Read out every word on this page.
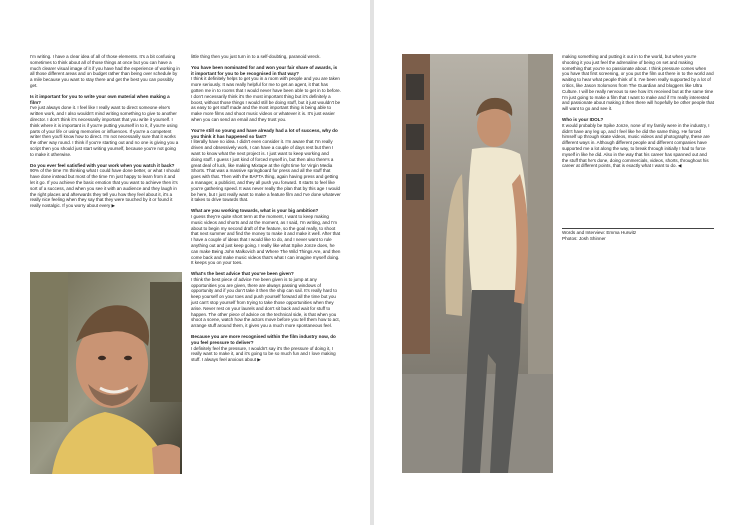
I'm writing. I have a clear idea of all of those elements. It's a bit confusing sometimes to think about all of those things at once but you can have a much clearer visual image of it if you have had the experience of working in all those different areas and on budget rather than being over schedule by a mile because you want to stay there and get the best you can possibly get.

Is it important for you to write your own material when making a film?

I've just always done it. I feel like I really want to direct someone else's written work, and I also wouldn't mind writing something to give to another director. I don't think it's necessarily important that you write it yourself. I think where it is important is if you're putting yourself in to it, if you're using parts of your life or using memories or influences. If you're a competent writer then you'll know how to direct. I'm not necessarily sure that it works the other way round. I think if you're starting out and no one is giving you a script then you should just start writing yourself, because you're not going to make it otherwise.

Do you ever feel satisfied with your work when you watch it back?

90% of the time I'm thinking what I could have done better, or what I should have done instead but most of the time I'm just happy to learn from it and let it go. If you achieve the basic emotion that you want to achieve then it's sort of a success, and when you see it with an audience and they laugh in the right places and afterwards they tell you how they feel about it, it's a really nice feeling when they say that they were touched by it or found it really nostalgic. If you worry about every ▶

little thing then you just turn in to a self-doubting, paranoid wreck.

You have been nominated for and won your fair share of awards, is it important for you to be recognised in that way?

I think it definitely helps to get you in a room with people and you are taken more seriously. It was really helpful for me to get an agent, it that has gotten me in to rooms that I would never have been able to get in to before. I don't necessarily think it's the most important thing but it's definitely a boost, without those things I would still be doing stuff, but it just wouldn't be as easy to get stuff made and the most important thing is being able to make more films and shoot music videos or whatever it is. It's just easier when you can send an email and they trust you.

You're still so young and have already had a lot of success, why do you think it has happened so fast?

I literally have no idea. I didn't even consider it. I'm aware that I'm really driven and obsessively work, I can have a couple of days rest but then I want to know what the next project is. I just want to keep working and doing stuff. I guess I just kind of forced myself in, but then also there's a great deal of luck, like making Mixtape at the right time for Virgin Media Shorts. That was a massive springboard for press and all the stuff that goes with that. Then with the BAFTA thing, again having press and getting a manager, a publicist, and they all push you forward. It starts to feel like you're gathering speed. It was never really the plan that by this age I would be here, but I just really want to make a feature film and I've done whatever it takes to drive towards that.

What are you working towards, what is your big ambition?

I guess they're quite short term at the moment, I want to keep making music videos and shorts and at the moment, as I said, I'm writing, and I'm about to begin my second draft of the feature, so the goal really, to shoot that next summer and find the money to make it and make it well. After that I have a couple of ideas that I would like to do, and I never want to rule anything out and just keep going. I really like what Spike Jonze does, he can make Being John Malkovich and Where The Wild Things Are, and then come back and make music videos that's what I can imagine myself doing. It keeps you on your toes.

What's the best advice that you've been given?

I think the best piece of advice I've been given is to jump at any opportunities you are given, there are always passing windows of opportunity and if you don't take it then the ship can sail. It's really hard to keep yourself on your toes and push yourself forward all the time but you just can't stop yourself from trying to take those opportunities when they arise. Never rest on your laurels and don't sit back and wait for stuff to happen. The other piece of advice on the technical side, is that when you shoot a scene, watch how the actors move before you tell them how to act, arrange stuff around them, it gives you a much more spontaneous feel.

Because you are more recognised within the film industry now, do you feel pressure to deliver?

I definitely feel the pressure, I wouldn't say it's the pressure of doing it, I really want to make it, and it's going to be so much fun and I love making stuff. I always feel anxious about ▶

making something and putting it out in to the world, but when you're shooting it you just feel the adrenaline of being on set and making something that you're so passionate about. I think pressure comes when you have that first screening, or you put the film out there in to the world and waiting to hear what people think of it. I've been really supported by a lot of critics, like Jason Solomons from The Guardian and bloggers like Ultra Culture. I will be really nervous to see how it's received but at the same time I'm just going to make a film that I want to make and if I'm really interested and passionate about making it then there will hopefully be other people that will want to go and see it.

Who is your IDOL?

It would probably be Spike Jonze, none of my family were in the industry, I didn't have any leg up, and I feel like he did the same thing. He forced himself up through skate videos, music videos and photography, these are different ways in. Although different people and different companies have supported me a lot along the way, to break through initially I had to force myself in like he did. Also in the way that his career has spanned out and the stuff that he's done, doing commercials, videos, shorts, throughout his career at different points, that is exactly what I want to do. ◀

Words and Interview: Emma Hurwitz
Photos: Josh Shinner
